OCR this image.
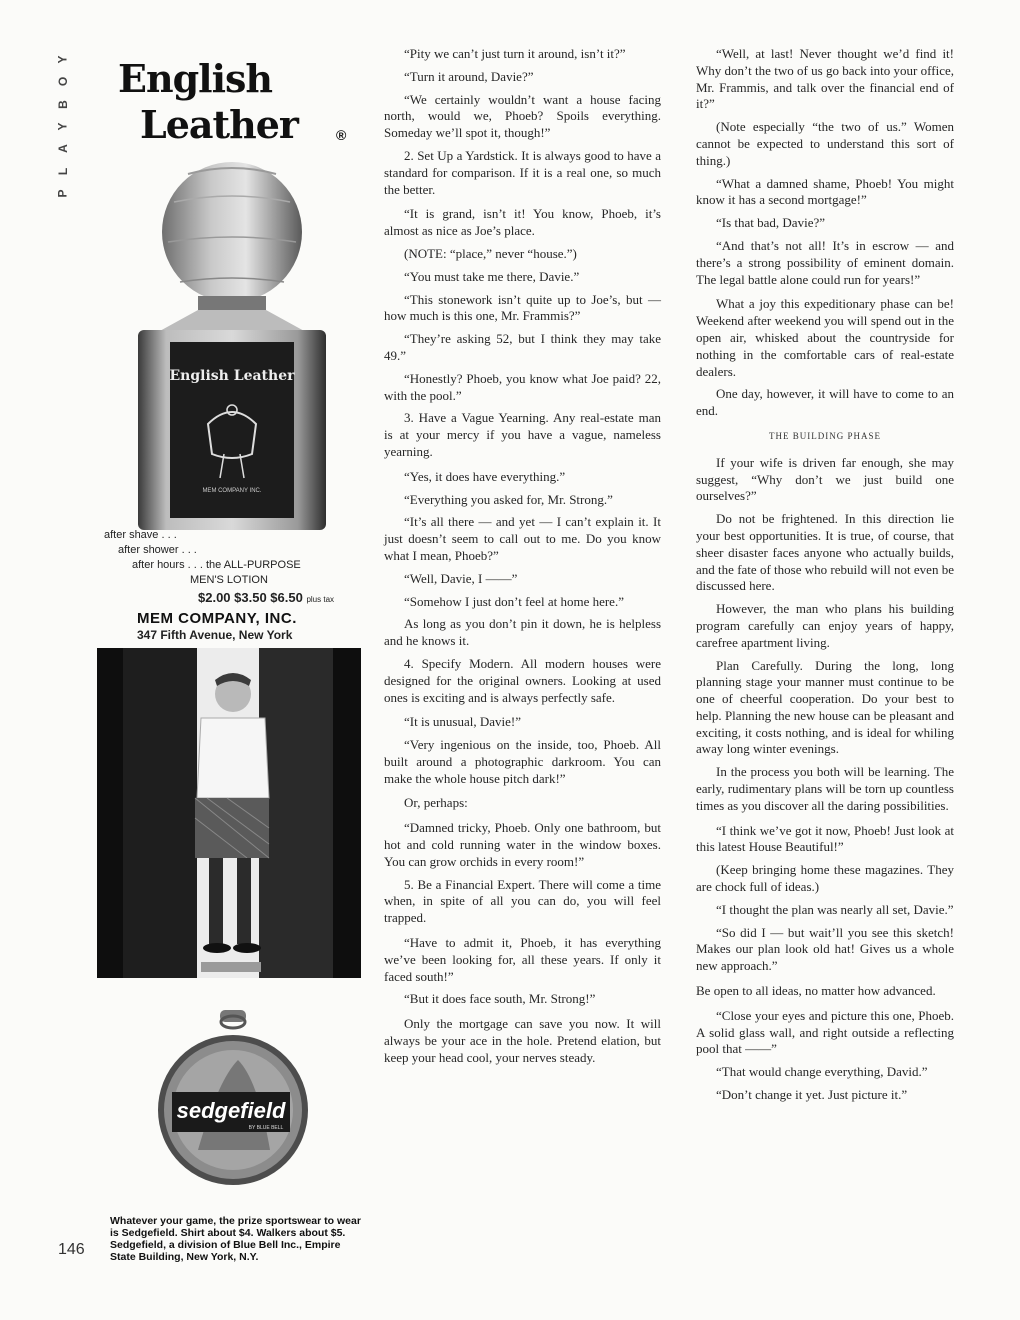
Y
O
B
Y
A
L
P
English
Leather	®
English Leather
MEM COMPANY INC.
after shave . . .
after shower . . .
after hours . . . the ALL-PURPOSE
MEN'S LOTION
$2.00 $3.50 $6.50 plus tax
MEM COMPANY, INC.
347 Fifth Avenue, New York
sedgefield
BY BLUE BELL
Whatever your game, the prize sportswear to wear is Sedgefield. Shirt about $4. Walkers about $5. Sedgefield, a division of Blue Bell Inc., Empire State Building, New York, N.Y.
146

“Pity we can’t just turn it around, isn’t it?”

“Turn it around, Davie?”

“We certainly wouldn’t want a house facing north, would we, Phoeb? Spoils everything. Someday we’ll spot it, though!”

2. Set Up a Yardstick. It is always good to have a standard for comparison. If it is a real one, so much the better.

“It is grand, isn’t it! You know, Phoeb, it’s almost as nice as Joe’s place.

(NOTE: “place,” never “house.”)

“You must take me there, Davie.”

“This stonework isn’t quite up to Joe’s, but — how much is this one, Mr. Frammis?”

“They’re asking 52, but I think they may take 49.”

“Honestly? Phoeb, you know what Joe paid? 22, with the pool.”

3. Have a Vague Yearning. Any real-estate man is at your mercy if you have a vague, nameless yearning.

“Yes, it does have everything.”

“Everything you asked for, Mr. Strong.”

“It’s all there — and yet — I can’t explain it. It just doesn’t seem to call out to me. Do you know what I mean, Phoeb?”

“Well, Davie, I ——”

“Somehow I just don’t feel at home here.”

As long as you don’t pin it down, he is helpless and he knows it.

4. Specify Modern. All modern houses were designed for the original owners. Looking at used ones is exciting and is always perfectly safe.

“It is unusual, Davie!”

“Very ingenious on the inside, too, Phoeb. All built around a photographic darkroom. You can make the whole house pitch dark!”

Or, perhaps:

“Damned tricky, Phoeb. Only one bathroom, but hot and cold running water in the window boxes. You can grow orchids in every room!”

5. Be a Financial Expert. There will come a time when, in spite of all you can do, you will feel trapped.

“Have to admit it, Phoeb, it has everything we’ve been looking for, all these years. If only it faced south!”

“But it does face south, Mr. Strong!”

Only the mortgage can save you now. It will always be your ace in the hole. Pretend elation, but keep your head cool, your nerves steady.

“Well, at last! Never thought we’d find it! Why don’t the two of us go back into your office, Mr. Frammis, and talk over the financial end of it?”

(Note especially “the two of us.” Women cannot be expected to understand this sort of thing.)

“What a damned shame, Phoeb! You might know it has a second mortgage!”

“Is that bad, Davie?”

“And that’s not all! It’s in escrow — and there’s a strong possibility of eminent domain. The legal battle alone could run for years!”

What a joy this expeditionary phase can be! Weekend after weekend you will spend out in the open air, whisked about the countryside for nothing in the comfortable cars of real-estate dealers.

One day, however, it will have to come to an end.

THE BUILDING PHASE

If your wife is driven far enough, she may suggest, “Why don’t we just build one ourselves?”

Do not be frightened. In this direction lie your best opportunities. It is true, of course, that sheer disaster faces anyone who actually builds, and the fate of those who rebuild will not even be discussed here.

However, the man who plans his building program carefully can enjoy years of happy, carefree apartment living.

Plan Carefully. During the long, long planning stage your manner must continue to be one of cheerful cooperation. Do your best to help. Planning the new house can be pleasant and exciting, it costs nothing, and is ideal for whiling away long winter evenings.

In the process you both will be learning. The early, rudimentary plans will be torn up countless times as you discover all the daring possibilities.

“I think we’ve got it now, Phoeb! Just look at this latest House Beautiful!”

(Keep bringing home these magazines. They are chock full of ideas.)

“I thought the plan was nearly all set, Davie.”

“So did I — but wait’ll you see this sketch! Makes our plan look old hat! Gives us a whole new approach.”

Be open to all ideas, no matter how advanced.

“Close your eyes and picture this one, Phoeb. A solid glass wall, and right outside a reflecting pool that ——”

“That would change everything, David.”

“Don’t change it yet. Just picture it.”
